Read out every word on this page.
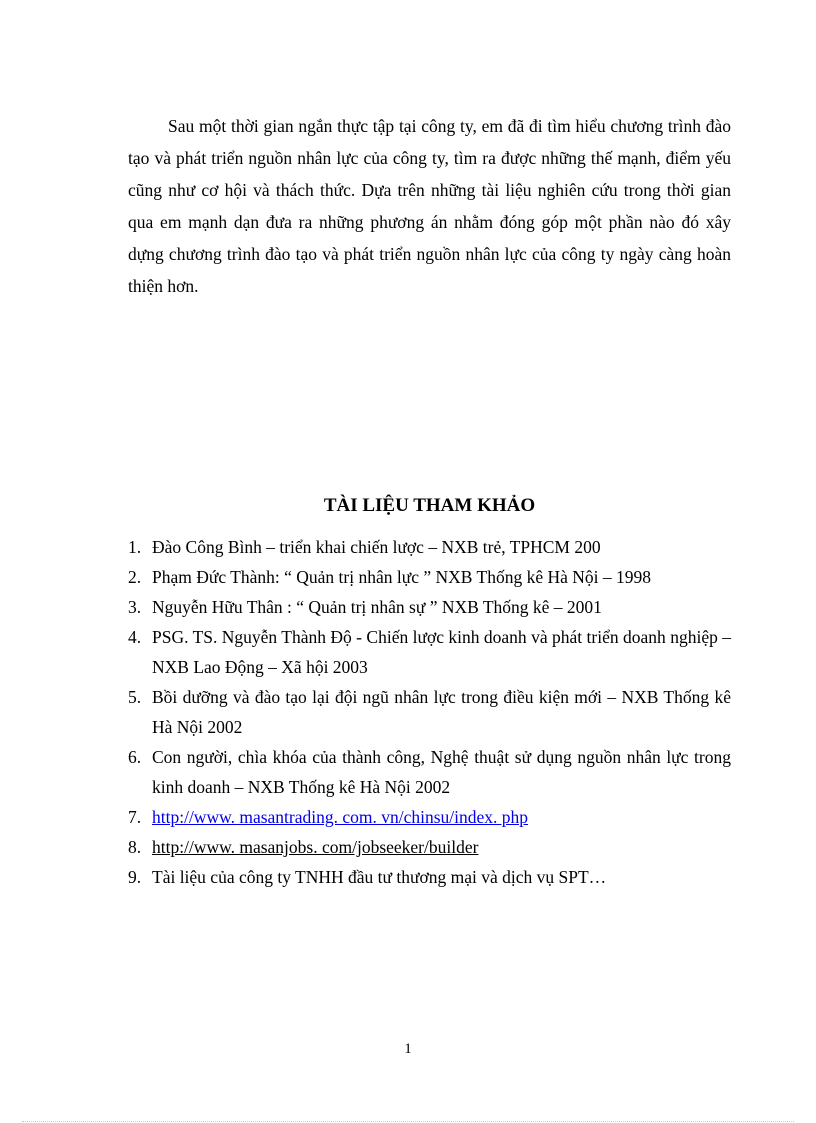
Sau một thời gian ngắn thực tập tại công ty, em đã đi tìm hiểu chương trình đào tạo và phát triển nguồn nhân lực của công ty, tìm ra được những thế mạnh, điểm yếu cũng như cơ hội và thách thức. Dựa trên những tài liệu nghiên cứu trong thời gian qua em mạnh dạn đưa ra những phương án nhằm đóng góp một phần nào đó xây dựng chương trình đào tạo và phát triển nguồn nhân lực của công ty ngày càng hoàn thiện hơn.

TÀI LIỆU THAM KHẢO
1. Đào Công Bình – triển khai chiến lược – NXB trẻ, TPHCM 200
2. Phạm Đức Thành: “ Quản trị nhân lực ” NXB Thống kê Hà Nội – 1998
3. Nguyễn Hữu Thân : “ Quản trị nhân sự ” NXB Thống kê – 2001
4. PSG. TS. Nguyễn Thành Độ - Chiến lược kinh doanh và phát triển doanh nghiệp – NXB Lao Động – Xã hội 2003
5. Bồi dưỡng và đào tạo lại đội ngũ nhân lực trong điều kiện mới – NXB Thống kê Hà Nội 2002
6. Con người, chìa khóa của thành công, Nghệ thuật sử dụng nguồn nhân lực trong kinh doanh – NXB Thống kê Hà Nội 2002
7. http://www. masantrading. com. vn/chinsu/index. php
8. http://www. masanjobs. com/jobseeker/builder
9. Tài liệu của công ty TNHH đầu tư thương mại và dịch vụ SPT…
1
